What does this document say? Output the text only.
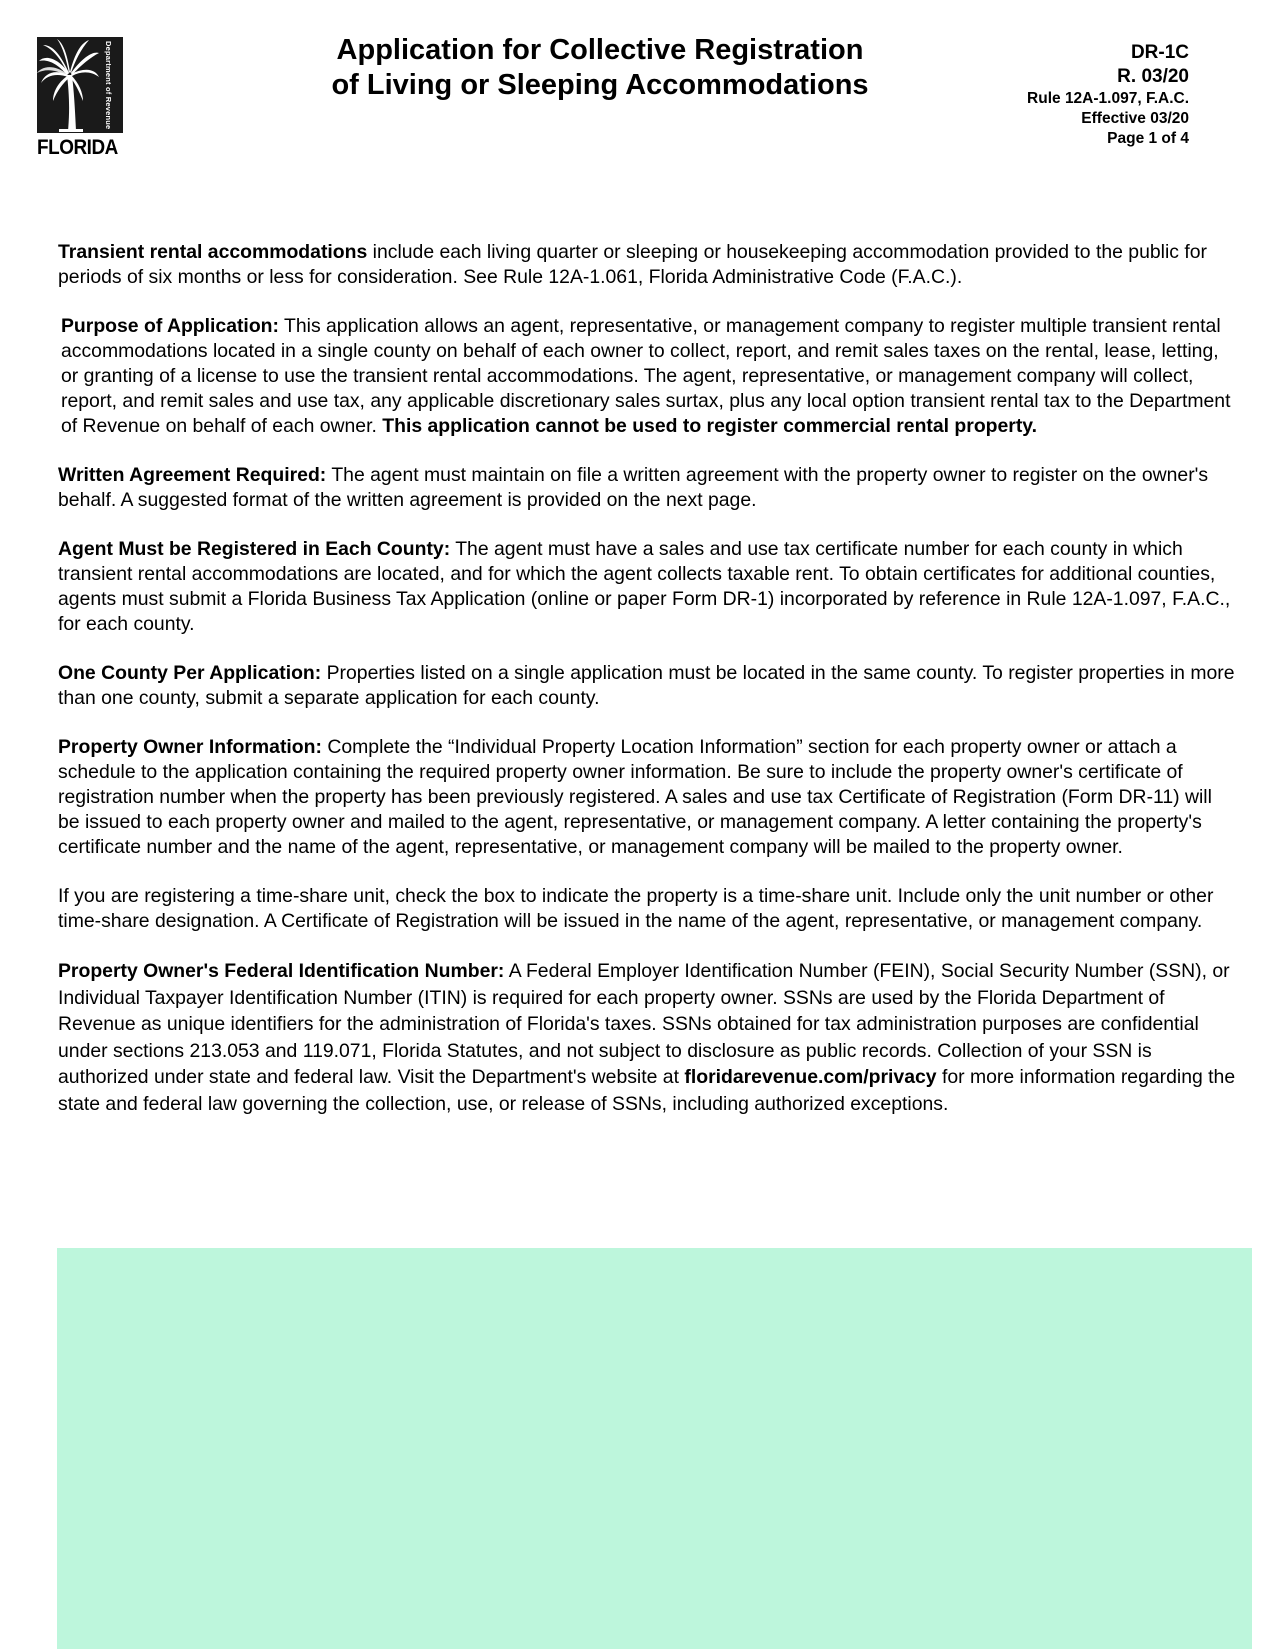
Department of Revenue
FLORIDA
Application for Collective Registration
of Living or Sleeping Accommodations
DR-1C
R. 03/20
Rule 12A-1.097, F.A.C.
Effective 03/20
Page 1 of 4

Transient rental accommodations include each living quarter or sleeping or housekeeping accommodation provided to the public for periods of six months or less for consideration. See Rule 12A-1.061, Florida Administrative Code (F.A.C.).

Purpose of Application: This application allows an agent, representative, or management company to register multiple transient rental accommodations located in a single county on behalf of each owner to collect, report, and remit sales taxes on the rental, lease, letting, or granting of a license to use the transient rental accommodations. The agent, representative, or management company will collect, report, and remit sales and use tax, any applicable discretionary sales surtax, plus any local option transient rental tax to the Department of Revenue on behalf of each owner. This application cannot be used to register commercial rental property.

Written Agreement Required: The agent must maintain on file a written agreement with the property owner to register on the owner's behalf. A suggested format of the written agreement is provided on the next page.

Agent Must be Registered in Each County: The agent must have a sales and use tax certificate number for each county in which transient rental accommodations are located, and for which the agent collects taxable rent. To obtain certificates for additional counties, agents must submit a Florida Business Tax Application (online or paper Form DR-1) incorporated by reference in Rule 12A-1.097, F.A.C., for each county.

One County Per Application: Properties listed on a single application must be located in the same county. To register properties in more than one county, submit a separate application for each county.

Property Owner Information: Complete the “Individual Property Location Information” section for each property owner or attach a schedule to the application containing the required property owner information. Be sure to include the property owner's certificate of registration number when the property has been previously registered. A sales and use tax Certificate of Registration (Form DR-11) will be issued to each property owner and mailed to the agent, representative, or management company. A letter containing the property's certificate number and the name of the agent, representative, or management company will be mailed to the property owner.

If you are registering a time-share unit, check the box to indicate the property is a time-share unit. Include only the unit number or other time-share designation. A Certificate of Registration will be issued in the name of the agent, representative, or management company.

Property Owner's Federal Identification Number: A Federal Employer Identification Number (FEIN), Social Security Number (SSN), or Individual Taxpayer Identification Number (ITIN) is required for each property owner. SSNs are used by the Florida Department of Revenue as unique identifiers for the administration of Florida's taxes. SSNs obtained for tax administration purposes are confidential under sections 213.053 and 119.071, Florida Statutes, and not subject to disclosure as public records. Collection of your SSN is authorized under state and federal law. Visit the Department's website at floridarevenue.com/privacy for more information regarding the state and federal law governing the collection, use, or release of SSNs, including authorized exceptions.
